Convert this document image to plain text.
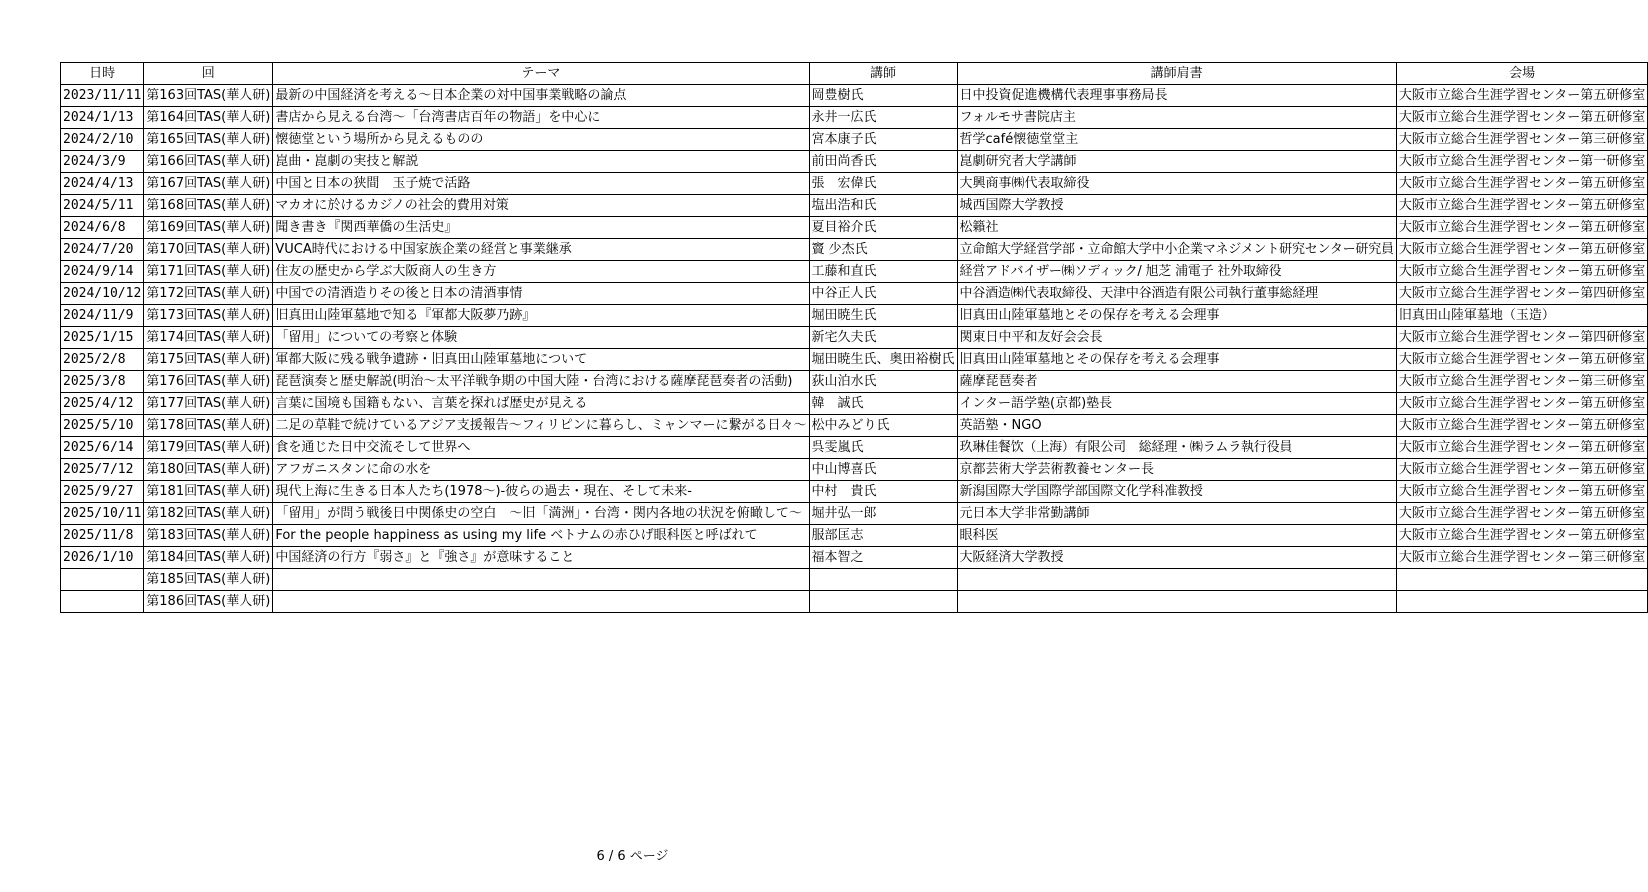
日時	回	テーマ	講師	講師肩書	会場
2023/11/11	第163回TAS(華人研)	最新の中国経済を考える～日本企業の対中国事業戦略の論点	岡豊樹氏	日中投資促進機構代表理事事務局長	大阪市立総合生涯学習センター第五研修室
2024/1/13	第164回TAS(華人研)	書店から見える台湾～「台湾書店百年の物語」を中心に	永井一広氏	フォルモサ書院店主	大阪市立総合生涯学習センター第五研修室
2024/2/10	第165回TAS(華人研)	懐徳堂という場所から見えるものの	宮本康子氏	哲学café懐徳堂堂主	大阪市立総合生涯学習センター第三研修室
2024/3/9	第166回TAS(華人研)	崑曲・崑劇の実技と解説	前田尚香氏	崑劇研究者大学講師	大阪市立総合生涯学習センター第一研修室
2024/4/13	第167回TAS(華人研)	中国と日本の狭間　玉子焼で活路	張　宏偉氏	大興商事㈱代表取締役	大阪市立総合生涯学習センター第五研修室
2024/5/11	第168回TAS(華人研)	マカオに於けるカジノの社会的費用対策	塩出浩和氏	城西国際大学教授	大阪市立総合生涯学習センター第五研修室
2024/6/8	第169回TAS(華人研)	聞き書き『関西華僑の生活史』	夏目裕介氏	松籟社	大阪市立総合生涯学習センター第五研修室
2024/7/20	第170回TAS(華人研)	VUCA時代における中国家族企業の経営と事業継承	竇 少杰氏	立命館大学経営学部・立命館大学中小企業マネジメント研究センター研究員	大阪市立総合生涯学習センター第五研修室
2024/9/14	第171回TAS(華人研)	住友の歴史から学ぶ大阪商人の生き方	工藤和直氏	経営アドバイザー㈱ソディック/ 旭芝 浦電子 社外取締役	大阪市立総合生涯学習センター第五研修室
2024/10/12	第172回TAS(華人研)	中国での清酒造りその後と日本の清酒事情	中谷正人氏	中谷酒造㈱代表取締役、天津中谷酒造有限公司執行董事総経理	大阪市立総合生涯学習センター第四研修室
2024/11/9	第173回TAS(華人研)	旧真田山陸軍墓地で知る『軍都大阪夢乃跡』	堀田暁生氏	旧真田山陸軍墓地とその保存を考える会理事	旧真田山陸軍墓地（玉造）
2025/1/15	第174回TAS(華人研)	「留用」についての考察と体験	新宅久夫氏	関東日中平和友好会会長	大阪市立総合生涯学習センター第四研修室
2025/2/8	第175回TAS(華人研)	軍都大阪に残る戦争遺跡・旧真田山陸軍墓地について	堀田暁生氏、奥田裕樹氏	旧真田山陸軍墓地とその保存を考える会理事	大阪市立総合生涯学習センター第五研修室
2025/3/8	第176回TAS(華人研)	琵琶演奏と歴史解説(明治～太平洋戦争期の中国大陸・台湾における薩摩琵琶奏者の活動)	荻山泊水氏	薩摩琵琶奏者	大阪市立総合生涯学習センター第三研修室
2025/4/12	第177回TAS(華人研)	言葉に国境も国籍もない、言葉を探れば歴史が見える	韓　誠氏	インター語学塾(京都)塾長	大阪市立総合生涯学習センター第五研修室
2025/5/10	第178回TAS(華人研)	二足の草鞋で続けているアジア支援報告～フィリピンに暮らし、ミャンマーに繋がる日々～	松中みどり氏	英語塾・NGO	大阪市立総合生涯学習センター第五研修室
2025/6/14	第179回TAS(華人研)	食を通じた日中交流そして世界へ	呉雯嵐氏	玖琳佳餐饮（上海）有限公司　総経理・㈱ラムラ執行役員	大阪市立総合生涯学習センター第五研修室
2025/7/12	第180回TAS(華人研)	アフガニスタンに命の水を	中山博喜氏	京都芸術大学芸術教養センター長	大阪市立総合生涯学習センター第五研修室
2025/9/27	第181回TAS(華人研)	現代上海に生きる日本人たち(1978～)-彼らの過去・現在、そして未来-	中村　貴氏	新潟国際大学国際学部国際文化学科准教授	大阪市立総合生涯学習センター第五研修室
2025/10/11	第182回TAS(華人研)	「留用」が問う戦後日中関係史の空白　～旧「満洲」・台湾・関内各地の状況を俯瞰して～	堀井弘一郎	元日本大学非常勤講師	大阪市立総合生涯学習センター第五研修室
2025/11/8	第183回TAS(華人研)	For the people happiness as using my life ベトナムの赤ひげ眼科医と呼ばれて	服部匡志	眼科医	大阪市立総合生涯学習センター第五研修室
2026/1/10	第184回TAS(華人研)	中国経済の行方『弱さ』と『強さ』が意味すること	福本智之	大阪経済大学教授	大阪市立総合生涯学習センター第三研修室
	第185回TAS(華人研)				
	第186回TAS(華人研)				
6 / 6 ページ
